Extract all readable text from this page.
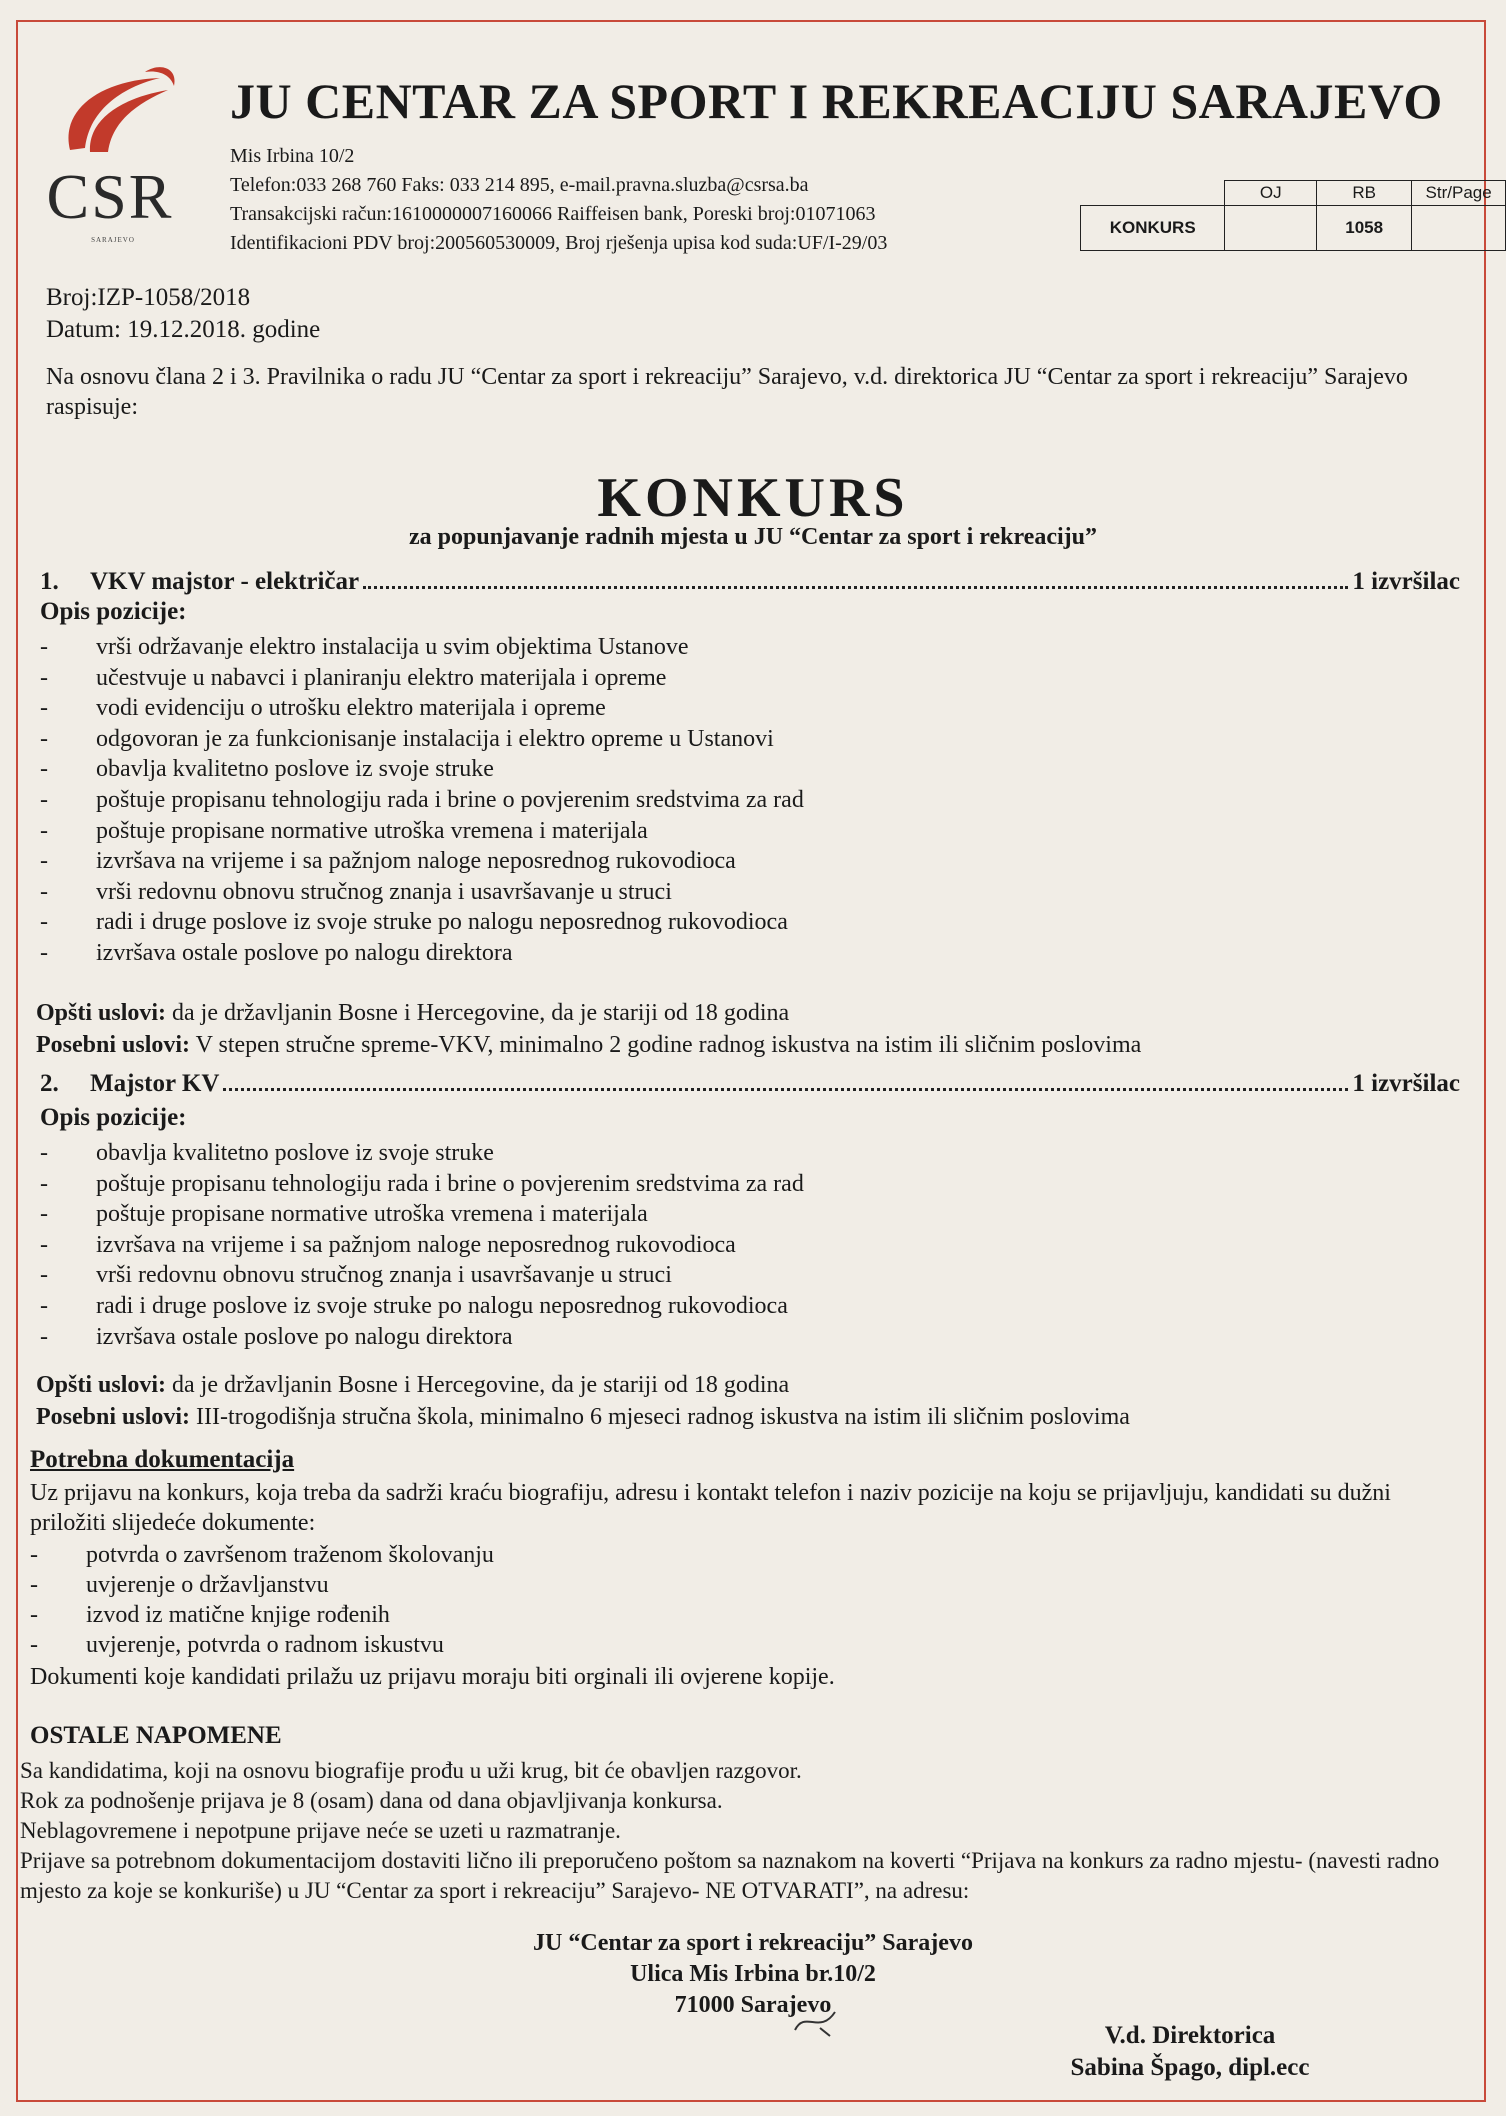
CSR
SARAJEVO
JU CENTAR ZA SPORT I REKREACIJU SARAJEVO
Mis Irbina 10/2
Telefon:033 268 760 Faks: 033 214 895, e-mail.pravna.sluzba@csrsa.ba
Transakcijski račun:1610000007160066 Raiffeisen bank, Poreski broj:01071063
Identifikacioni PDV broj:200560530009, Broj rješenja upisa kod suda:UF/I-29/03
	OJ	RB	Str/Page
KONKURS		1058	
Broj:IZP-1058/2018
Datum: 19.12.2018. godine
Na osnovu člana 2 i 3. Pravilnika o radu JU “Centar za sport i rekreaciju” Sarajevo, v.d. direktorica JU “Centar za sport i rekreaciju” Sarajevo raspisuje:
KONKURS
za popunjavanje radnih mjesta u JU “Centar za sport i rekreaciju”
1.	VKV majstor - električar	1 izvršilac
Opis pozicije:
- vrši održavanje elektro instalacija u svim objektima Ustanove
- učestvuje u nabavci i planiranju elektro materijala i opreme
- vodi evidenciju o utrošku elektro materijala i opreme
- odgovoran je za funkcionisanje instalacija i elektro opreme u Ustanovi
- obavlja kvalitetno poslove iz svoje struke
- poštuje propisanu tehnologiju rada i brine o povjerenim sredstvima za rad
- poštuje propisane normative utroška vremena i materijala
- izvršava na vrijeme i sa pažnjom naloge neposrednog rukovodioca
- vrši redovnu obnovu stručnog znanja i usavršavanje u struci
- radi i druge poslove iz svoje struke po nalogu neposrednog rukovodioca
- izvršava ostale poslove po nalogu direktora
Opšti uslovi: da je državljanin Bosne i Hercegovine, da je stariji od 18 godina
Posebni uslovi: V stepen stručne spreme-VKV, minimalno 2 godine radnog iskustva na istim ili sličnim poslovima
2.	Majstor KV	1 izvršilac
Opis pozicije:
- obavlja kvalitetno poslove iz svoje struke
- poštuje propisanu tehnologiju rada i brine o povjerenim sredstvima za rad
- poštuje propisane normative utroška vremena i materijala
- izvršava na vrijeme i sa pažnjom naloge neposrednog rukovodioca
- vrši redovnu obnovu stručnog znanja i usavršavanje u struci
- radi i druge poslove iz svoje struke po nalogu neposrednog rukovodioca
- izvršava ostale poslove po nalogu direktora
Opšti uslovi: da je državljanin Bosne i Hercegovine, da je stariji od 18 godina
Posebni uslovi: III-trogodišnja stručna škola, minimalno 6 mjeseci radnog iskustva na istim ili sličnim poslovima
Potrebna dokumentacija
Uz prijavu na konkurs, koja treba da sadrži kraću biografiju, adresu i kontakt telefon i naziv pozicije na koju se prijavljuju, kandidati su dužni priložiti slijedeće dokumente:
- potvrda o završenom traženom školovanju
- uvjerenje o državljanstvu
- izvod iz matične knjige rođenih
- uvjerenje, potvrda o radnom iskustvu
Dokumenti koje kandidati prilažu uz prijavu moraju biti orginali ili ovjerene kopije.
OSTALE NAPOMENE
Sa kandidatima, koji na osnovu biografije prođu u uži krug, bit će obavljen razgovor.
Rok za podnošenje prijava je 8 (osam) dana od dana objavljivanja konkursa.
Neblagovremene i nepotpune prijave neće se uzeti u razmatranje.
Prijave sa potrebnom dokumentacijom dostaviti lično ili preporučeno poštom sa naznakom na koverti “Prijava na konkurs za radno mjestu- (navesti radno mjesto za koje se konkuriše) u JU “Centar za sport i rekreaciju” Sarajevo- NE OTVARATI”, na adresu:
JU “Centar za sport i rekreaciju” Sarajevo
Ulica Mis Irbina br.10/2
71000 Sarajevo
V.d. Direktorica
Sabina Špago, dipl.ecc
